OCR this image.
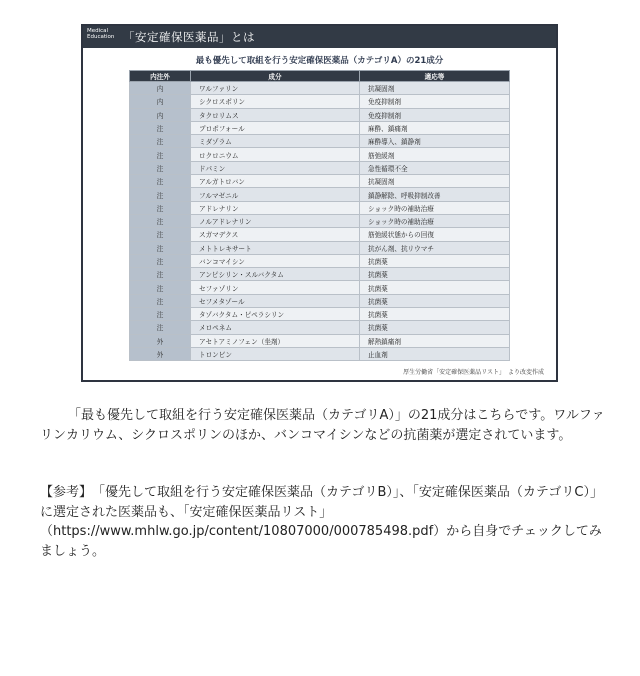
Medical
Education 「安定確保医薬品」とは
最も優先して取組を行う安定確保医薬品（カテゴリA）の21成分
内注外	成分	適応等
内	ワルファリン	抗凝固剤
内	シクロスポリン	免疫抑制剤
内	タクロリムス	免疫抑制剤
注	プロポフォール	麻酔、鎮痛剤
注	ミダゾラム	麻酔導入、鎮静剤
注	ロクロニウム	筋弛緩剤
注	ドパミン	急性循環不全
注	アルガトロバン	抗凝固剤
注	フルマゼニル	鎮静解除、呼吸抑制改善
注	アドレナリン	ショック時の補助治療
注	ノルアドレナリン	ショック時の補助治療
注	スガマデクス	筋弛緩状態からの回復
注	メトトレキサート	抗がん剤、抗リウマチ
注	バンコマイシン	抗菌薬
注	アンピシリン・スルバクタム	抗菌薬
注	セファゾリン	抗菌薬
注	セフメタゾール	抗菌薬
注	タゾバクタム・ピペラシリン	抗菌薬
注	メロペネム	抗菌薬
外	アセトアミノフェン（坐剤）	解熱鎮痛剤
外	トロンビン	止血剤
厚生労働省「安定確保医薬品リスト」　より改変作成
「最も優先して取組を行う安定確保医薬品（カテゴリA）」の21成分はこちらです。ワルファリンカリウム、シクロスポリンのほか、バンコマイシンなどの抗菌薬が選定されています。
【参考】　「優先して取組を行う安定確保医薬品（カテゴリB）」、「安定確保医薬品（カテゴリC）」に選定された医薬品も、「安定確保医薬品リスト」（https://www.mhlw.go.jp/content/10807000/000785498.pdf）から自身でチェックしてみましょう。
